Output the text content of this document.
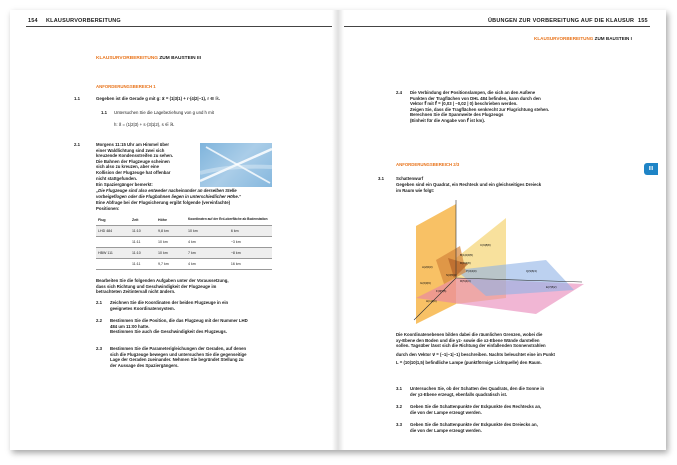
154 KLAUSURVORBEREITUNG
KLAUSURVORBEREITUNG ZUM BAUSTEIN III
ANFORDERUNGSBEREICH 1
1.1	Gegeben ist die Gerade g mit g: x⃗ = (1|3|1) + r·(4|2|−1), r ∈ ℝ.
1.1 Untersuchen Sie die Lagebeziehung von g und h mit
h: x⃗ = (1|2|3) + s·(3|1|2), s ∈ ℝ.
2.1	Morgens 11:15 Uhr am Himmel über
einer Waldlichtung sind zwei sich
kreuzende Kondensstreifen zu sehen.
Die Bahnen der Flugzeuge scheinen
sich also zu kreuzen, aber eine
Kollision der Flugzeuge hat offenbar
nicht stattgefunden.
Ein Spaziergänger bemerkt:
„Die Flugzeuge sind also entweder nacheinander an derselben Stelle
vorbeigeflogen oder die Flugbahnen liegen in unterschiedlicher Höhe.“
Eine Abfrage bei der Flugsicherung ergibt folgende (vereinfachte)
Positionen:
Flug	Zeit	Höhe	Koordinaten auf der Erd-oberfläche ab Bodenstation	
LHD 484	11:10	9,8 km	10 km	6 km
	11:11	10 km	4 km	−3 km
HBW 111	11:10	10 km	7 km	−8 km
	11:11	9,7 km	4 km	16 km
Bearbeiten Sie die folgenden Aufgaben unter der Voraussetzung,
dass sich Richtung und Geschwindigkeit der Flugzeuge im
betrachteten Zeitintervall nicht ändern.
2.1 Zeichnen Sie die Koordinaten der beiden Flugzeuge in ein
geeignetes Koordinatensystem.
2.2 Bestimmen Sie die Position, die das Flugzeug mit der Nummer LHD
484 um 11:00 hatte.
Bestimmen Sie auch die Geschwindigkeit des Flugzeugs.
2.3 Bestimmen Sie die Parameterigleichungen der Geraden, auf denen
sich die Flugzeuge bewegen und untersuchen Sie die gegenseitige
Lage der Geraden zueinander. Nehmen Sie begründet Stellung zu
der Aussage des Spaziergängers.
ÜBUNGEN ZUR VORBEREITUNG AUF DIE KLAUSUR 155
KLAUSURVORBEREITUNG ZUM BAUSTEIN I
2.4 Die Verbindung der Positionslampen, die sich an den Außene
Punkten der Tragflächen von DHL 484 befinden, kann durch den
Vektor f⃗ mit f⃗ = (0,03 | −0,02 | 0) beschrieben werden.
Zeigen Sie, dass die Tragflächen senkrecht zur Flugrichtung stehen.
Berechnen Sie die Spannweite des Flugzeugs
(Einheit für die Angabe von f⃗ ist km).
ANFORDERUNGSBEREICH 2/3
3.1	Schattenwurf
Gegeben sind ein Quadrat, ein Rechteck und ein gleichseitiges Dreieck
im Raum wie folgt:
B(1|0|9|5)
C(9|8|8)
D(8|4|8)
A(2|0|3)
P(3|4|0)	Q(9|6|3)
E(7|8|2)
S(3|5|4)
R(5|4|3)
F(0|5|5)
G(6|3|6)
H(1|4|0)
Die Koordinatenebenen bilden dabei die räumlichen Grenzen, wobei die
xy-Ebene den Boden und die yz- sowie die xz-Ebene Wände darstellen
sollen. Tagsüber lässt sich die Richtung der einfallenden Sonnenstrahlen
durch den Vektor v⃗ = (−1|−1|−1) beschreiben. Nachts beleuchtet eine im Punkt
L = (10|10|1,5) befindliche Lampe (punktförmige Lichtquelle) den Raum.
3.1 Untersuchen Sie, ob der Schatten des Quadrats, den die Sonne in
der yz-Ebene erzeugt, ebenfalls quadratisch ist.
3.2 Geben Sie die Schattenpunkte der Eckpunkte des Rechtecks an,
die von der Lampe erzeugt werden.
3.3 Geben Sie die Schattenpunkte der Eckpunkte des Dreiecks an,
die von der Lampe erzeugt werden.
III
